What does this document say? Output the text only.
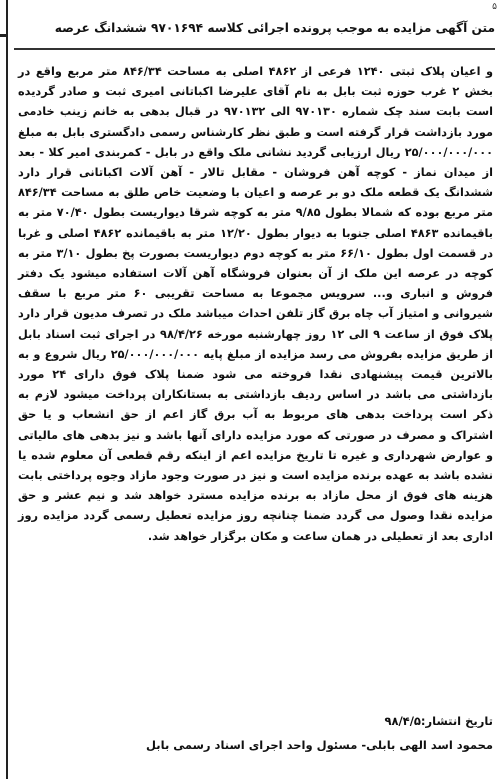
۵
متن آگهی مزایده به موجب پرونده اجرائی کلاسه ۹۷۰۱۶۹۴ ششدانگ عرصه

و اعیان پلاک ثبتی ۱۲۴۰ فرعی از ۴۸۶۲ اصلی به مساحت ۸۴۶/۳۴ متر مربع واقع در بخش ۲ غرب حوزه ثبت بابل به نام آقای علیرضا اکباتانی امیری ثبت و صادر گردیده است بابت سند چک شماره ۹۷۰۱۳۰ الی ۹۷۰۱۳۲ در قبال بدهی به خانم زینب خادمی مورد بازداشت قرار گرفته است و طبق نظر کارشناس رسمی دادگستری بابل به مبلغ ۲۵/۰۰۰/۰۰۰/۰۰۰ ریال ارزیابی گردید نشانی ملک واقع در بابل - کمربندی امیر کلا - بعد از میدان نماز - کوچه آهن فروشان - مقابل تالار - آهن آلات اکباتانی قرار دارد ششدانگ یک قطعه ملک دو بر عرصه و اعیان با وضعیت خاص طلق به مساحت ۸۴۶/۳۴ متر مربع بوده که شمالا بطول ۹/۸۵ متر به کوچه شرقا دیواریست بطول ۷۰/۴۰ متر به باقیمانده ۴۸۶۳ اصلی جنوبا به دیوار بطول ۱۲/۲۰ متر به باقیمانده ۴۸۶۲ اصلی و غربا در قسمت اول بطول ۶۶/۱۰ متر به کوچه دوم دیواریست بصورت پخ بطول ۳/۱۰ متر به کوچه در عرصه این ملک از آن بعنوان فروشگاه آهن آلات استفاده میشود یک دفتر فروش و انباری و... سرویس مجموعا به مساحت تقریبی ۶۰ متر مربع با سقف شیروانی و امتیاز آب چاه برق گاز تلفن احداث میباشد ملک در تصرف مدیون قرار دارد پلاک فوق از ساعت ۹ الی ۱۲ روز چهارشنبه مورخه ۹۸/۴/۲۶ در اجرای ثبت اسناد بابل از طریق مزایده بفروش می رسد مزایده از مبلغ پایه ۲۵/۰۰۰/۰۰۰/۰۰۰ ریال شروع و به بالاترین قیمت پیشنهادی نقدا فروخته می شود ضمنا پلاک فوق دارای ۲۴ مورد بازداشتی می باشد در اساس ردیف بازداشتی به بستانکاران پرداخت میشود لازم به ذکر است پرداخت بدهی های مربوط به آب برق گاز اعم از حق انشعاب و یا حق اشتراک و مصرف در صورتی که مورد مزایده دارای آنها باشد و نیز بدهی های مالیاتی و عوارض شهرداری و غیره تا تاریخ مزایده اعم از اینکه رقم قطعی آن معلوم شده یا نشده باشد به عهده برنده مزایده است و نیز در صورت وجود مازاد وجوه پرداختی بابت هزینه های فوق از محل مازاد به برنده مزایده مسترد خواهد شد و نیم عشر و حق مزایده نقدا وصول می گردد ضمنا چنانچه روز مزایده تعطیل رسمی گردد مزایده روز اداری بعد از تعطیلی در همان ساعت و مکان برگزار خواهد شد.

تاریخ انتشار:۹۸/۴/۵
محمود اسد الهی بابلی- مسئول واحد اجرای اسناد رسمی بابل
